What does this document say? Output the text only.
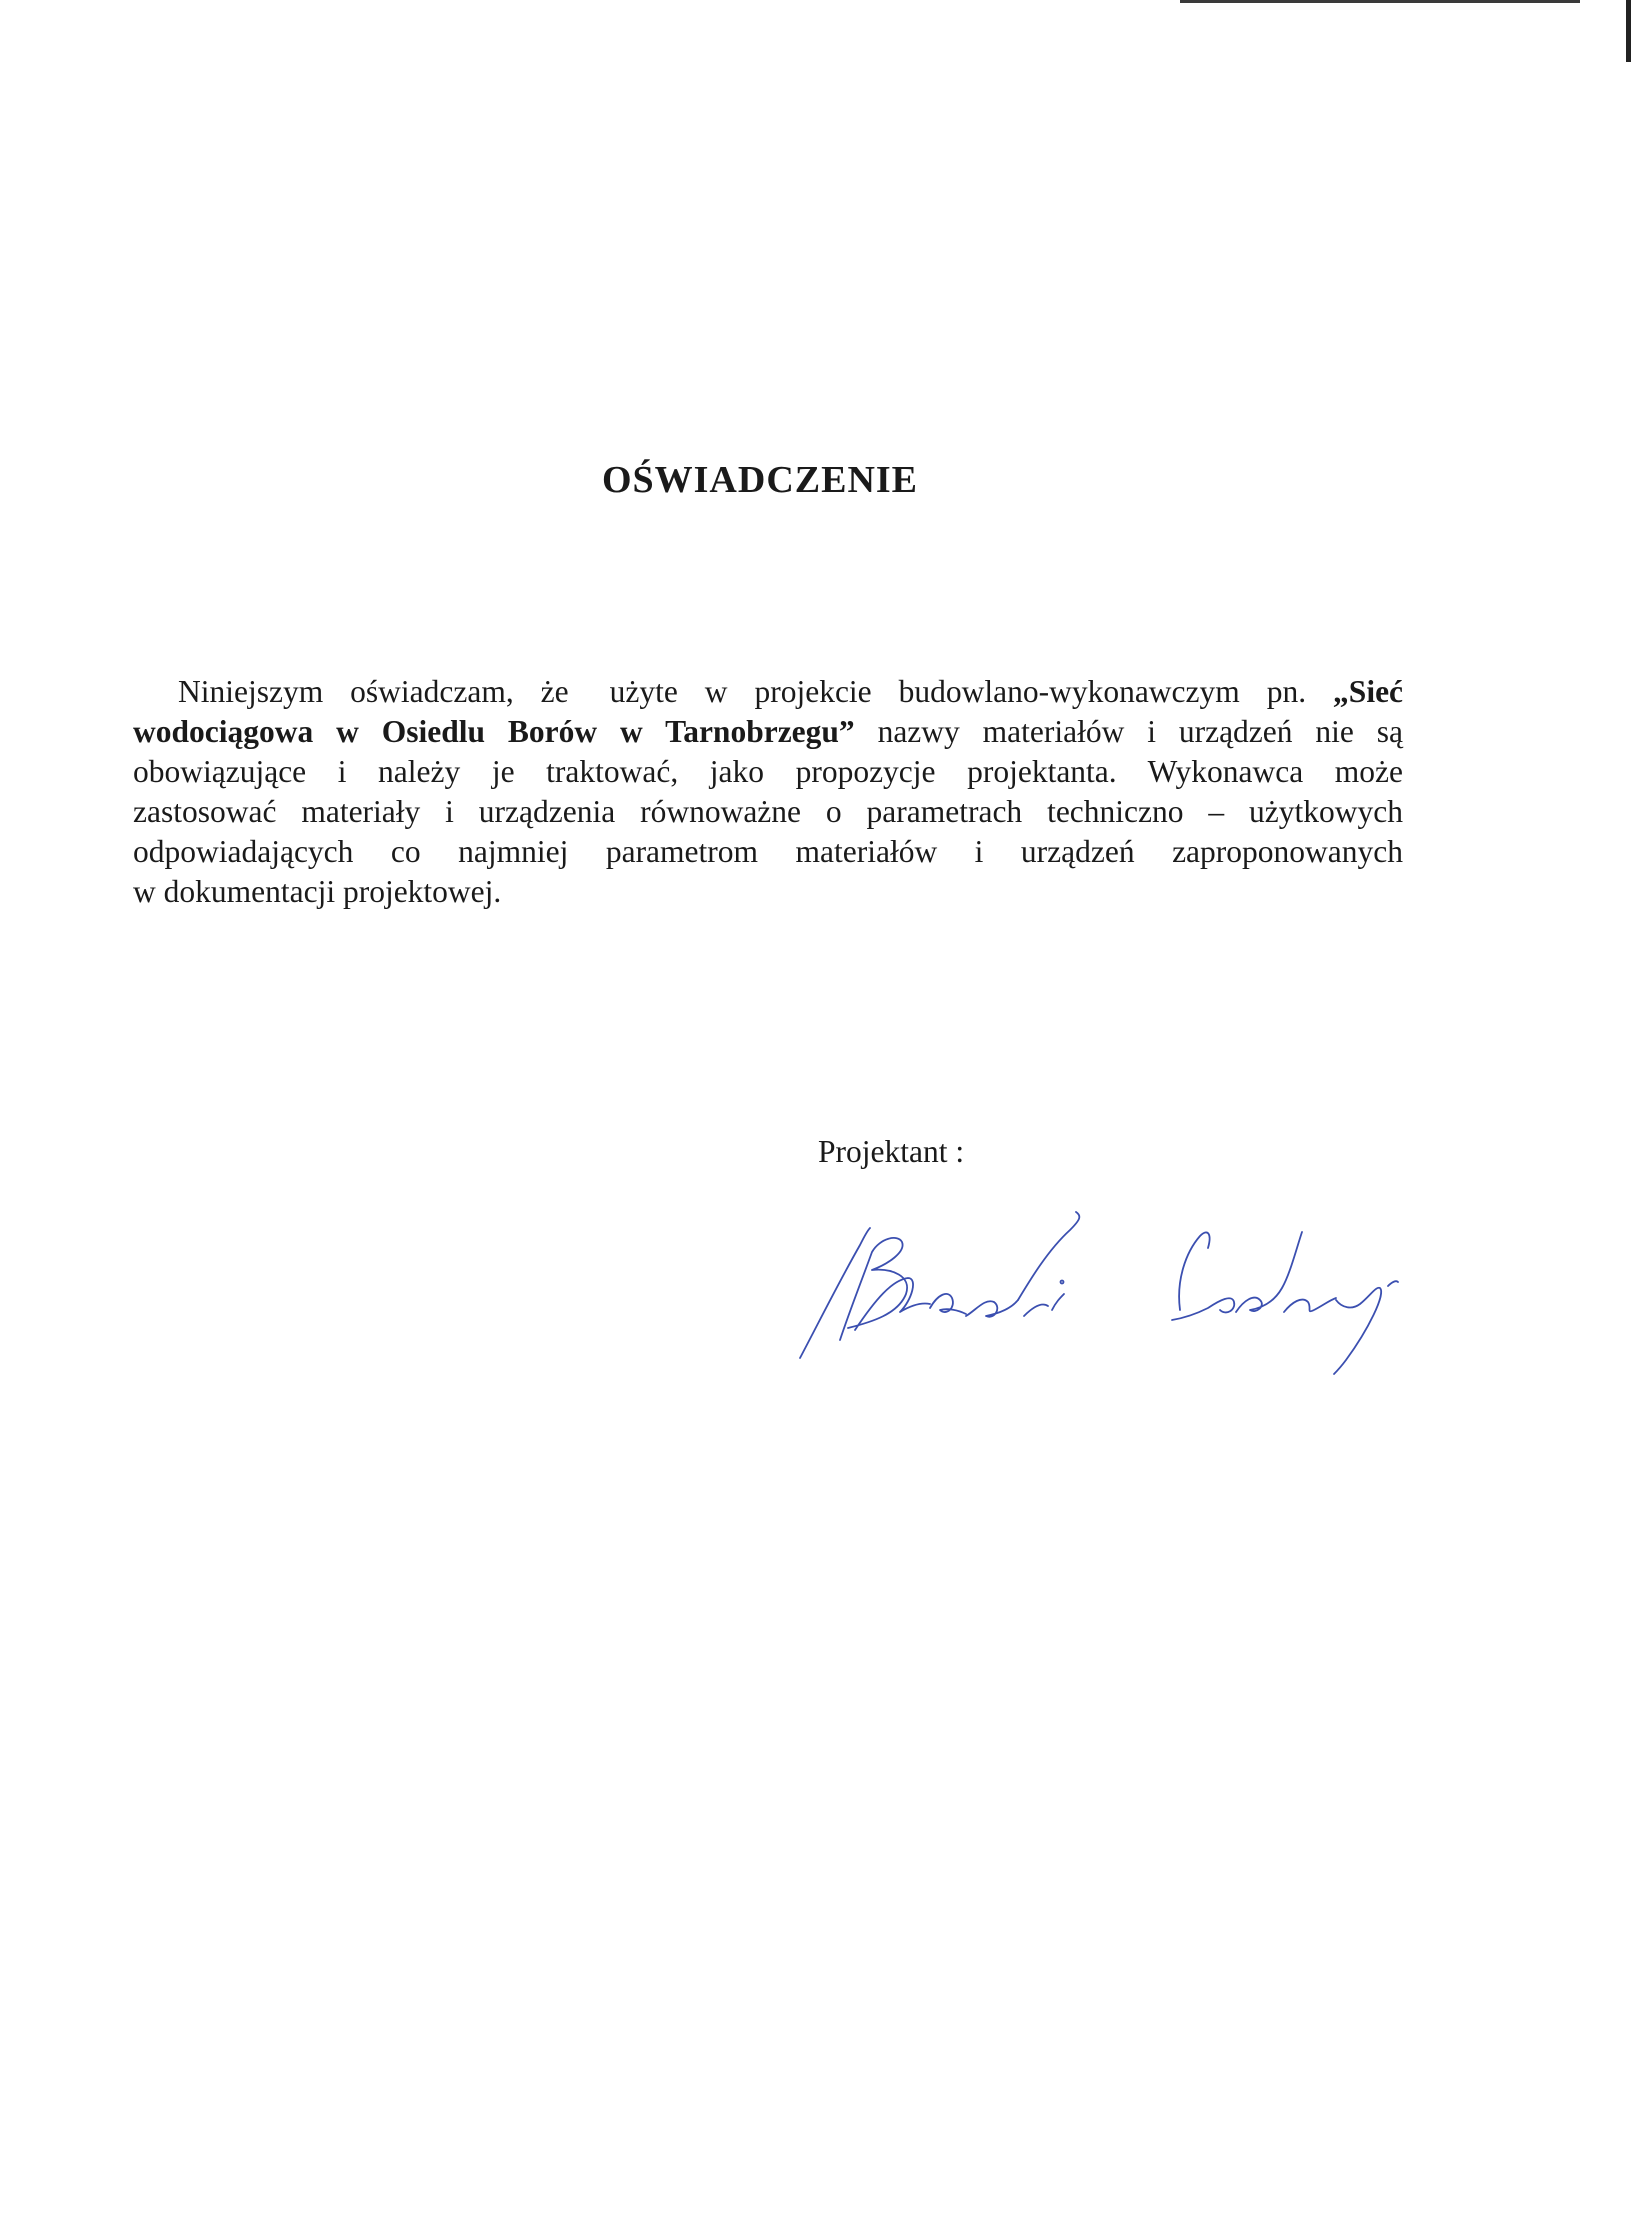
OŚWIADCZENIE
Niniejszym oświadczam, że użyte w projekcie budowlano-wykonawczym pn. „Sieć
wodociągowa w Osiedlu Borów w Tarnobrzegu” nazwy materiałów i urządzeń nie są
obowiązujące i należy je traktować, jako propozycje projektanta. Wykonawca może
zastosować materiały i urządzenia równoważne o parametrach techniczno – użytkowych
odpowiadających co najmniej parametrom materiałów i urządzeń zaproponowanych
w dokumentacji projektowej.

Projektant :
